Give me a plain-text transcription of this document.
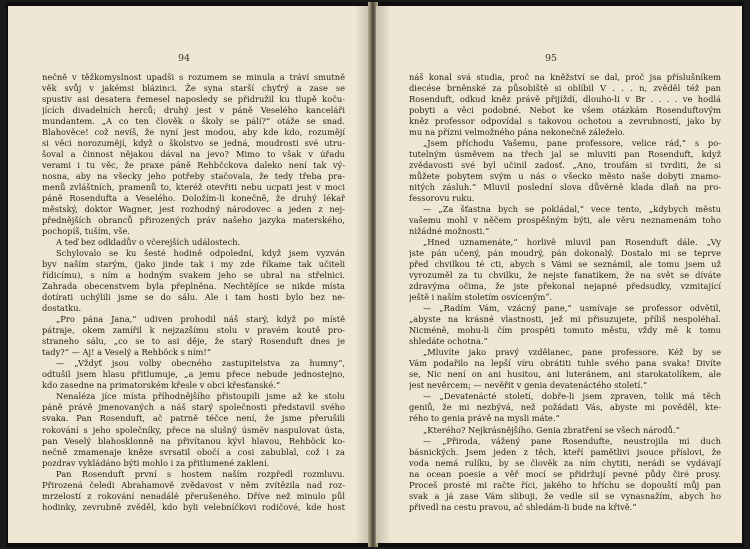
94
nečně v těžkomyslnost upadši s rozumem se minula a tráví smutně
věk svůj v jakémsi blázinci. Že syna starší chyťrý a zase se
spustiv asi desatera řemesel naposledy se přidružil ku tlupě koču-
jících divadelních herců; druhý jest v páně Veselého kanceláři
mundantem. „A co ten člověk o školy se pálí?“ otáže se snad.
Blahověce! což nevíš, že nyní jest modou, aby kde kdo, rozumějí
si věci norozumějí, když o školstvo se jedná, moudrosti své utru-
šoval a činnost nějakou dával na jevo? Mimo to však v úřadu
verami i tu věc, že praxe páně Rehbčckova daleko není tak vý-
nosna, aby na všecky jeho potřeby stačovala, že tedy třeba pra-
menů zvláštních, pramenů to, kteréž otevřiti nebu ucpati jest v moci
páně Rosenduftа a Veselého. Doložím-li konečně, že druhý lékař
městský, doktor Wagner, jest rozhodný národovec a jeden z nej-
přednějších obranců přirozených práv našeho jazyka materského,
pochopíš, tuším, vše.
A teď bez odkladův o včerejších událostech.
Schylovalo se ku šesté hodině odpolední, když jsem vyzván
byv naším starým, (jako jinde tak i my zde říkame tak učiteli
řídicímu), s ním a hodným svakem jeho se ubral na střelnici.
Zahrada obecenstvem byla přeplněna. Nechtějíce se nikde místa
dotírati uchýlili jsme se do sálu. Ale i tam hosti bylo bez ne-
dostatku.
„Pro pána Jana,“ udiven prohodil náš starý, když po místě
pátraje, okem zamířil k nejzazšímu stolu v pravém koutě pro-
straneho sálu, „co se to asi děje, že starý Rosenduft dnes je
tady?“ — Aj! a Veselý a Rehböck s ním!“
— „Vždyť jsou volby obecného zastupitelstva za humny“,
odtušil jsem hlasu přitlumuje, „a jemu přece nebude jednostejno,
kdo zasedne na primatorském křesle v obci křesťanské.“
Nenaléza jíce místa příhodnějšího přistoupili jsme až ke stolu
páně právě jmenovaných a náš starý společnosti představil svého
svaka. Pan Rosenduft, ač patrně téčce není, že jsme přerušili
rokování s jeho společníky, přece na slušný úsměv naspulovat ústa,
pan Veselý blahosklonně na přivítanou kývl hlavou, Rehböck ko-
nečně zmamenaje kněze svrsatil obočí a cosi zabublal, což i za
pozdrav vykládáno býti mohlo i za přitlumené zaklení.
Pan Rosenduft první s hostem naším rozpředl rozmluvu.
Přirozená čeledi Abrahamově zvědavost v něm zvítězila nad roz-
mrzelostí z rokování nenadálé přerušeného. Dříve než minulo půl
hodinky, zevrubně zvěděl, kdo byli velebníčkovi rodičové, kde host
95
náš konal svá studia, proč na kněžství se dal, proč jsa příslušníkem
diecése brněnské za působiště si oblíbil V . . . n, zvěděl též pan
Rosenduft, odkud kněz právě přijíždí, dlouho-li v Br . . . . ve hodlá
pobyti a věci podobné. Nebot ke všem otázkám Rosenduftovým
kněz professor odpovídal s takovou ochotou a zevrubností, jako by
mu na přízni velmožného pána nekonečně záleželo.
„Jsem příchodu Vašemu, pane professore, velice rád,“ s po-
tutelným úsměvem na třech jal se mluviti pan Rosenduft, když
zvědavosti své byl učinil zadosť. „Ano, troufám si tvrditi, že si
můžete pobytem svým u nás o všecko město naše dobyti znamo-
nitých zásluh.“ Mluvil poslední slova důvěrně klada dlaň na pro-
fessorovu ruku.
— „Za šťastna bych se pokládal,“ vece tento, „kdybych městu
vašemu mohl v něčem prospěšným býti, ale věru neznamenám toho
nižádné možnosti.“
„Hned uznamenáte,“ horlivě mluvil pan Rosenduft dále. „Vy
jste pán učený, pán moudrý, pán dokonalý. Dostalo mi se teprve
před chvilkou té cti, abych s Vámi se seznámil, ale tomu jsem už
vyrozuměl za tu chvilku, že nejste fanatikem, že na svět se díváte
zdravýma očima, že jste překonal nejapné předsudky, vzmitající
ještě i naším stoletím osvícenýmˮ.
— „Radím Vám, vzácný pane,“ usmívaje se professor odvětil,
„abyste na krásné vlastnosti, jež mi přisuzujete, příliš nespoléhal.
Nicméně, mohu-li čím prospěti tomuto městu, vždy mě k tomu
shledáte ochotna.“
„Mluvíte jako pravý vzdělanec, pane professore. Kéž by se
Vám podařilo na lepší víru obrátiti tuhle svého pana svaka! Divíte
se, Nic není on ani husitou, ani luteránem, ani starokatolíkem, ale
jest nevěrcem; — nevěřit v genia devatenáctého století.“
— „Devatenácté století, dobře-li jsem zpraven, tolik má těch
geniů, že mi nezbývá, než požádati Vás, abyste mi pověděl, kte-
rého to genia právě na mysli máte.“
„Kterého? Nejkrásnějšího. Genia zbratření se všech národů.“
— „Přiroda, vážený pane Rosenduftе, neustrojila mi duch
básnických. Jsem jeden z těch, kteří pamětlivi jsouce příslovi, že
voda nemá rulíku, by se člověk za ním chytiti, nerádi se vydávají
na ocean poesie a věř mocí se přidržují pevné půdy čiré prosy.
Proceš prosté mi račte říci, jakého to hříchu se dopouští můj pan
svak a já zase Vám slibuji, že vedle sil se vynasnažím, abych ho
přivedl na cestu pravou, ač shledám-li bude na křivě.“
